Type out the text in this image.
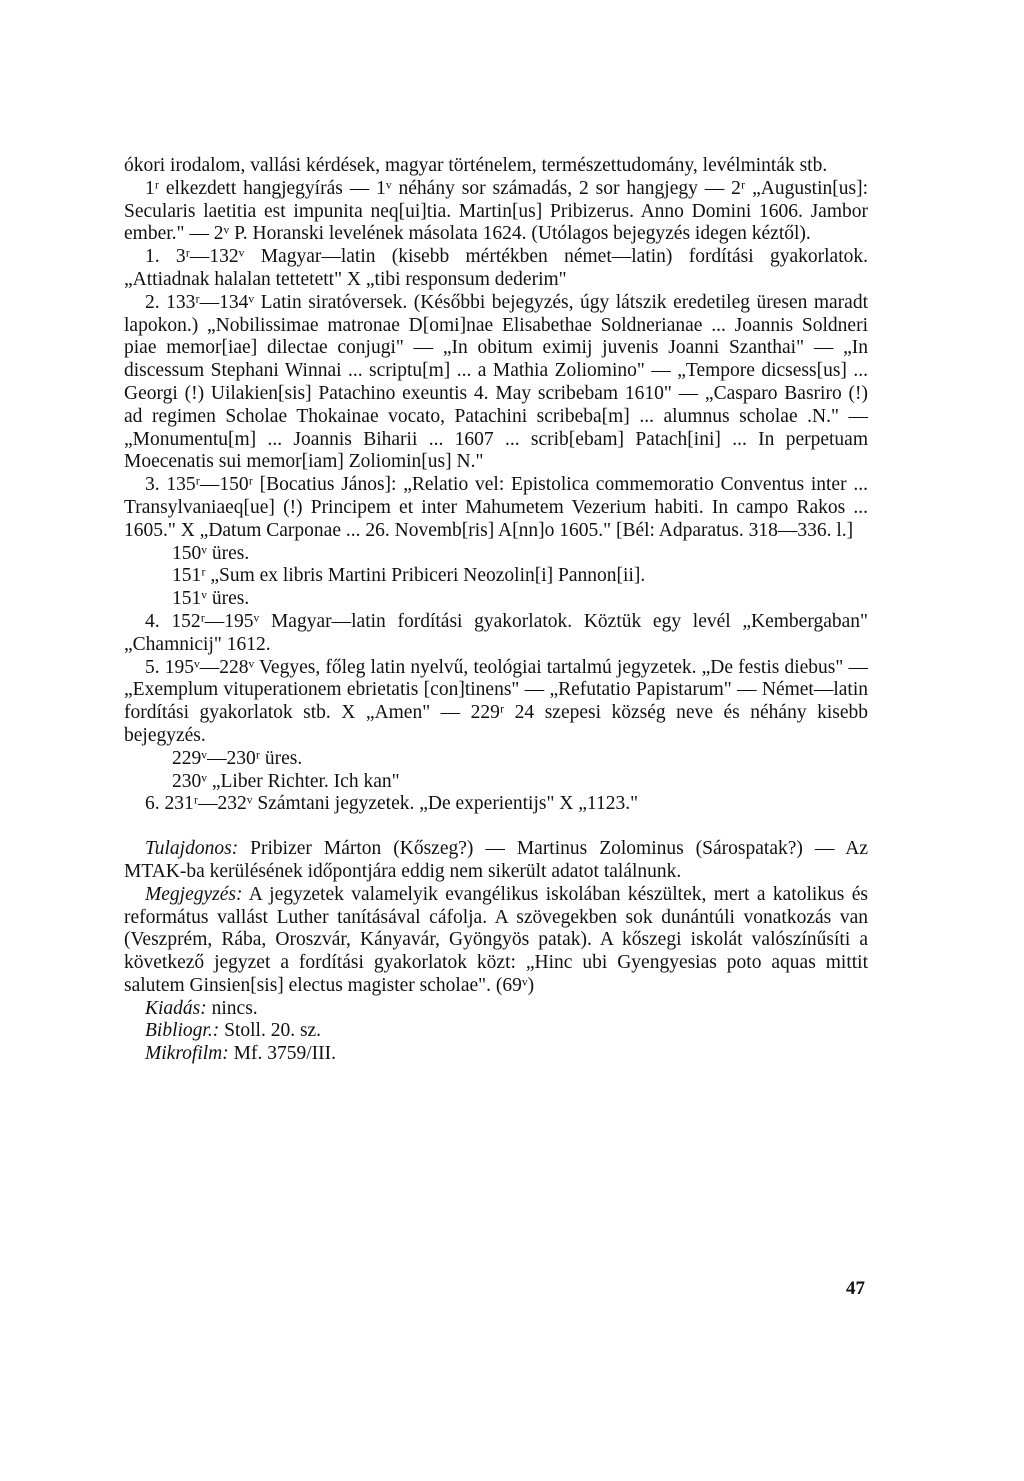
ókori irodalom, vallási kérdések, magyar történelem, természettudomány, levélminták stb.

1ʳ elkezdett hangjegyírás — 1ᵛ néhány sor számadás, 2 sor hangjegy — 2ʳ „Augustin[us]: Secularis laetitia est impunita neq[ui]tia. Martin[us] Pribizerus. Anno Domini 1606. Jambor ember." — 2ᵛ P. Horanski levelének másolata 1624. (Utólagos bejegyzés idegen kéztől).

1. 3ʳ—132ᵛ Magyar—latin (kisebb mértékben német—latin) fordítási gyakorlatok. „Attiadnak halalan tettetett" X „tibi responsum dederim"

2. 133ʳ—134ᵛ Latin siratóversek. (Későbbi bejegyzés, úgy látszik eredetileg üresen maradt lapokon.) „Nobilissimae matronae D[omi]nae Elisabethae Soldnerianae ... Joannis Soldneri piae memor[iae] dilectae conjugi" — „In obitum eximij juvenis Joanni Szanthai" — „In discessum Stephani Winnai ... scriptu[m] ... a Mathia Zoliomino" — „Tempore dicsess[us] ... Georgi (!) Uilakien[sis] Patachino exeuntis 4. May scribebam 1610" — „Casparo Basriro (!) ad regimen Scholae Thokainae vocato, Patachini scribeba[m] ... alumnus scholae .N." — „Monumentu[m] ... Joannis Biharii ... 1607 ... scrib[ebam] Patach[ini] ... In perpetuam Moecenatis sui memor[iam] Zoliomin[us] N."

3. 135ʳ—150ʳ [Bocatius János]: „Relatio vel: Epistolica commemoratio Conventus inter ... Transylvaniaeq[ue] (!) Principem et inter Mahumetem Vezerium habiti. In campo Rakos ... 1605." X „Datum Carponae ... 26. Novemb[ris] A[nn]o 1605." [Bél: Adparatus. 318—336. l.]

150ᵛ üres.

151ʳ „Sum ex libris Martini Pribiceri Neozolin[i] Pannon[ii].

151ᵛ üres.

4. 152ʳ—195ᵛ Magyar—latin fordítási gyakorlatok. Köztük egy levél „Kembergaban" „Chamnicij" 1612.

5. 195ᵛ—228ᵛ Vegyes, főleg latin nyelvű, teológiai tartalmú jegyzetek. „De festis diebus" — „Exemplum vituperationem ebrietatis [con]tinens" — „Refutatio Papistarum" — Német—latin fordítási gyakorlatok stb. X „Amen" — 229ʳ 24 szepesi község neve és néhány kisebb bejegyzés.

229ᵛ—230ʳ üres.

230ᵛ „Liber Richter. Ich kan"

6. 231ʳ—232ᵛ Számtani jegyzetek. „De experientijs" X „1123."

Tulajdonos: Pribizer Márton (Kőszeg?) — Martinus Zolominus (Sárospatak?) — Az MTAK-ba kerülésének időpontjára eddig nem sikerült adatot találnunk.

Megjegyzés: A jegyzetek valamelyik evangélikus iskolában készültek, mert a katolikus és református vallást Luther tanításával cáfolja. A szövegekben sok dunántúli vonatkozás van (Veszprém, Rába, Oroszvár, Kányavár, Gyöngyös patak). A kőszegi iskolát valószínűsíti a következő jegyzet a fordítási gyakorlatok közt: „Hinc ubi Gyengyesias poto aquas mittit salutem Ginsien[sis] electus magister scholae". (69ᵛ)

Kiadás: nincs.

Bibliogr.: Stoll. 20. sz.

Mikrofilm: Mf. 3759/III.

47
